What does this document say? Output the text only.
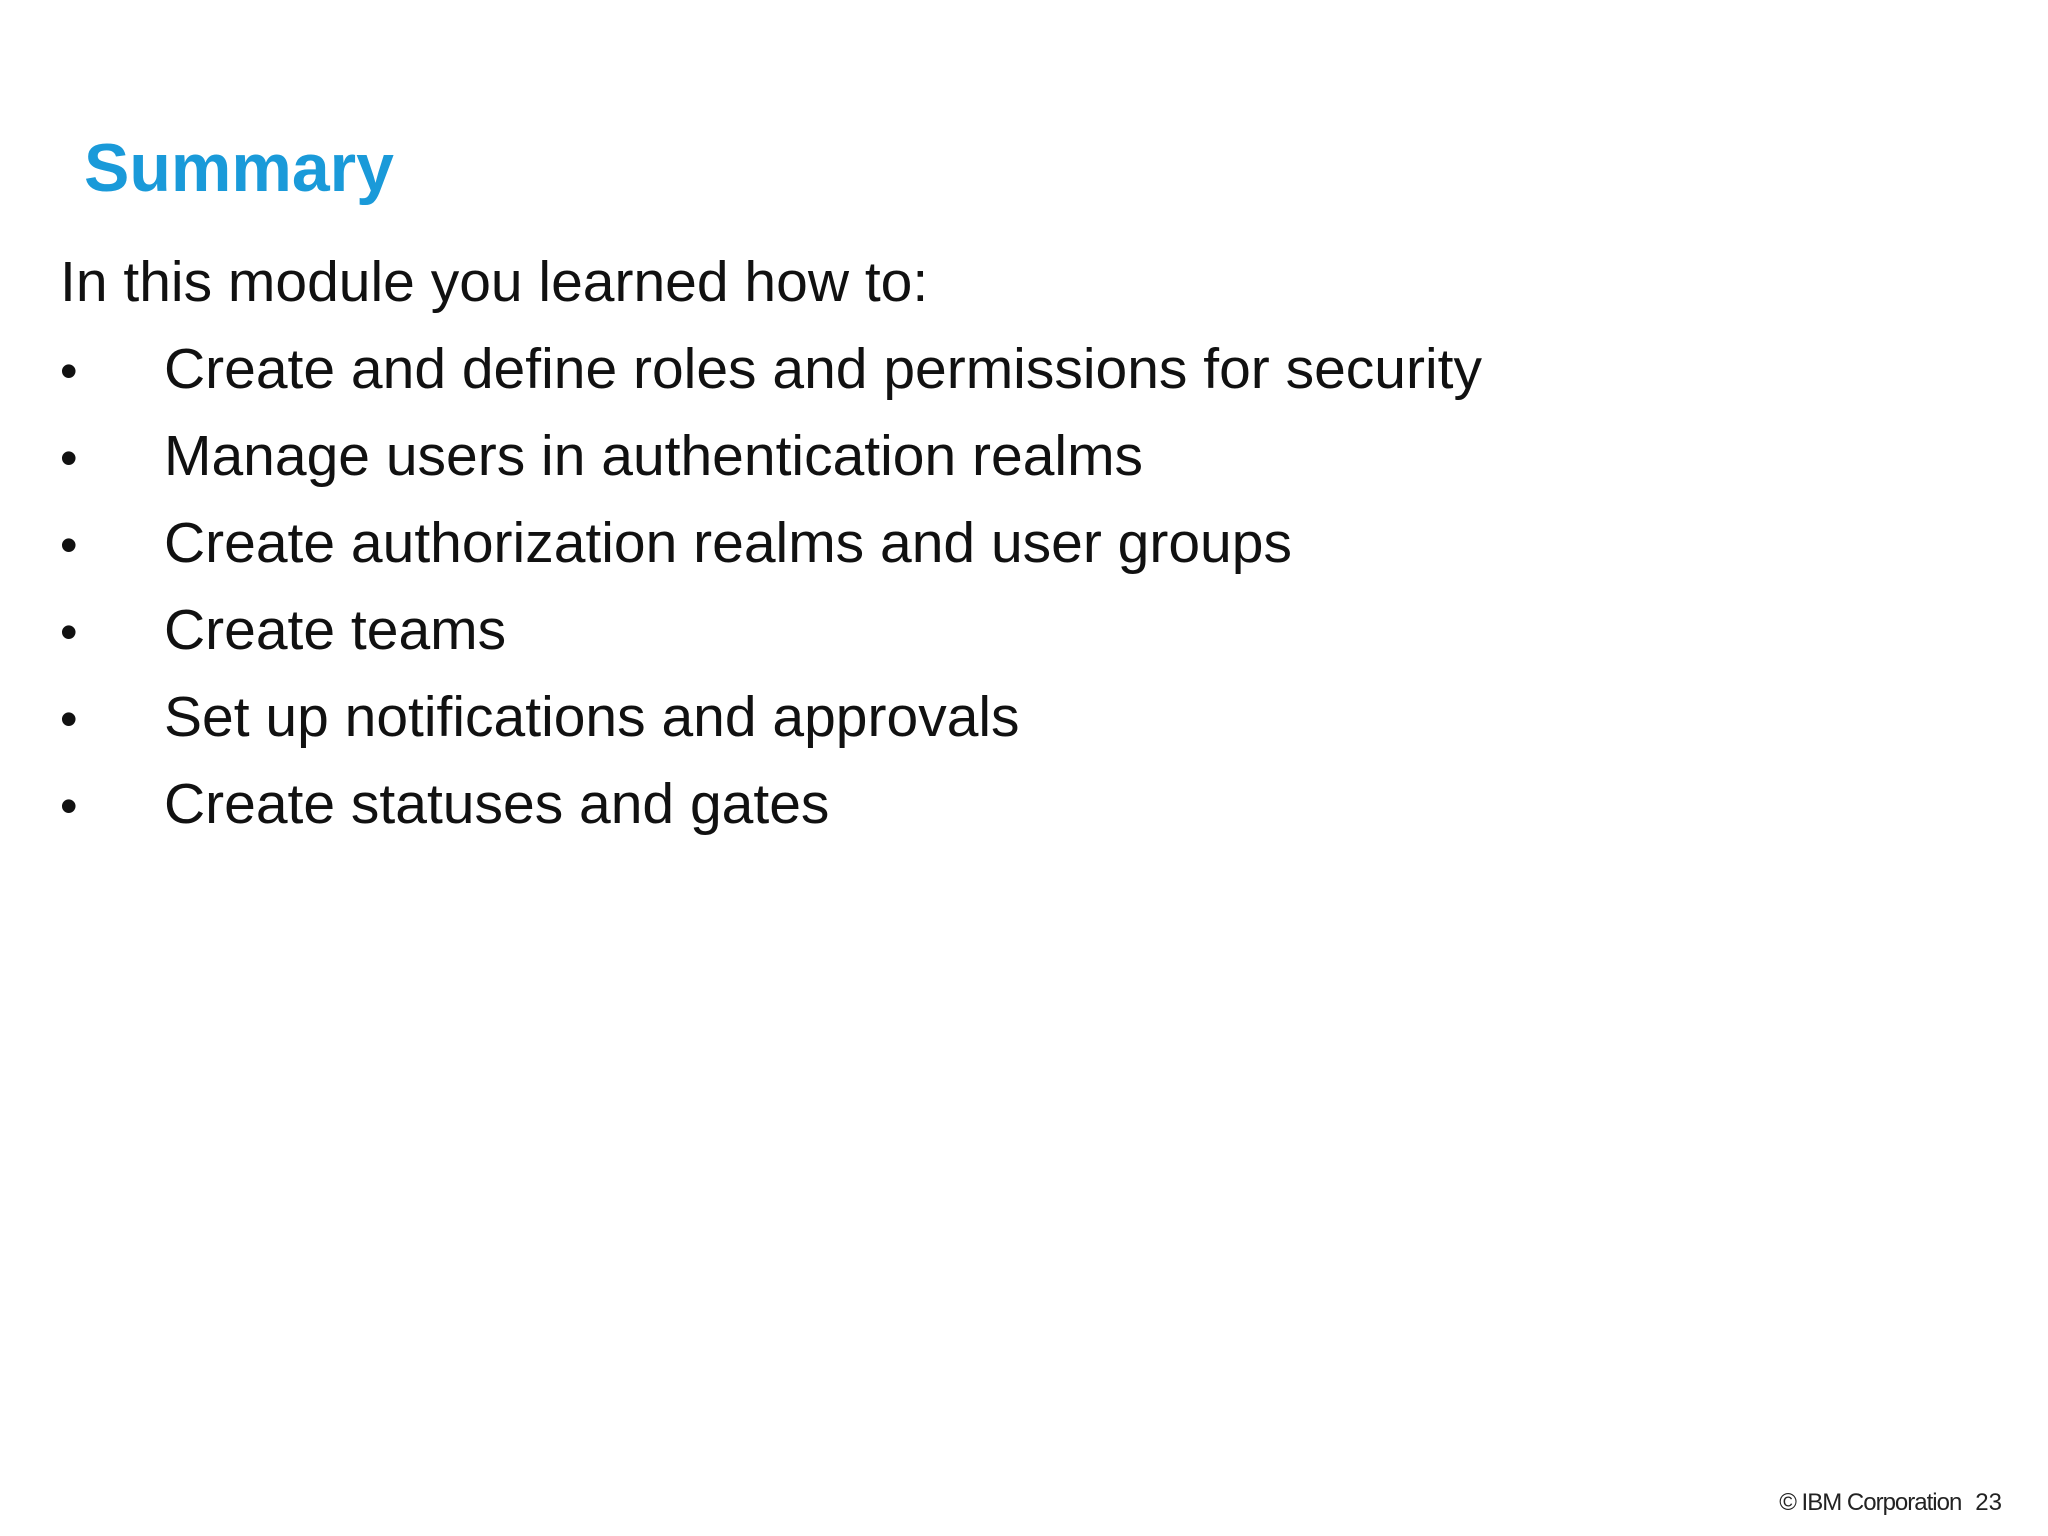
Summary

In this module you learned how to:

•	Create and define roles and permissions for security
•	Manage users in authentication realms
•	Create authorization realms and user groups
•	Create teams
•	Set up notifications and approvals
•	Create statuses and gates
© IBM Corporation 23
